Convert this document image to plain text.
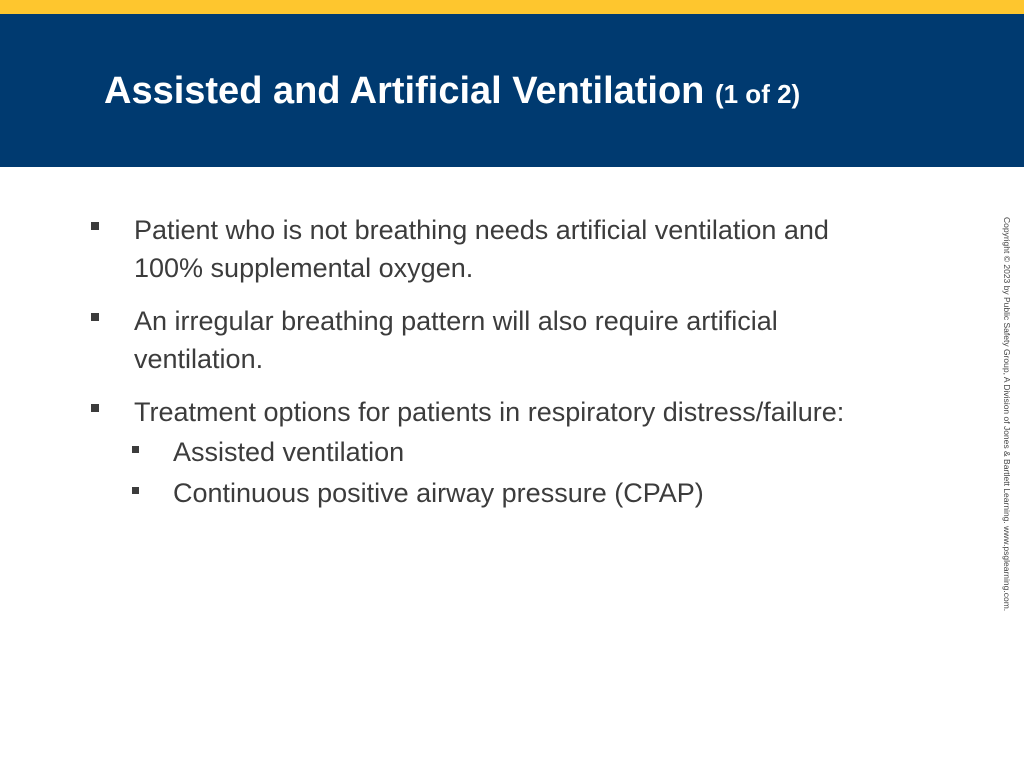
Assisted and Artificial Ventilation (1 of 2)
Patient who is not breathing needs artificial ventilation and 100% supplemental oxygen.
An irregular breathing pattern will also require artificial ventilation.
Treatment options for patients in respiratory distress/failure:
Assisted ventilation
Continuous positive airway pressure (CPAP)	Copyright © 2023 by Public Safety Group, A Division of Jones & Bartlett Learning. www.psglearning.com.
